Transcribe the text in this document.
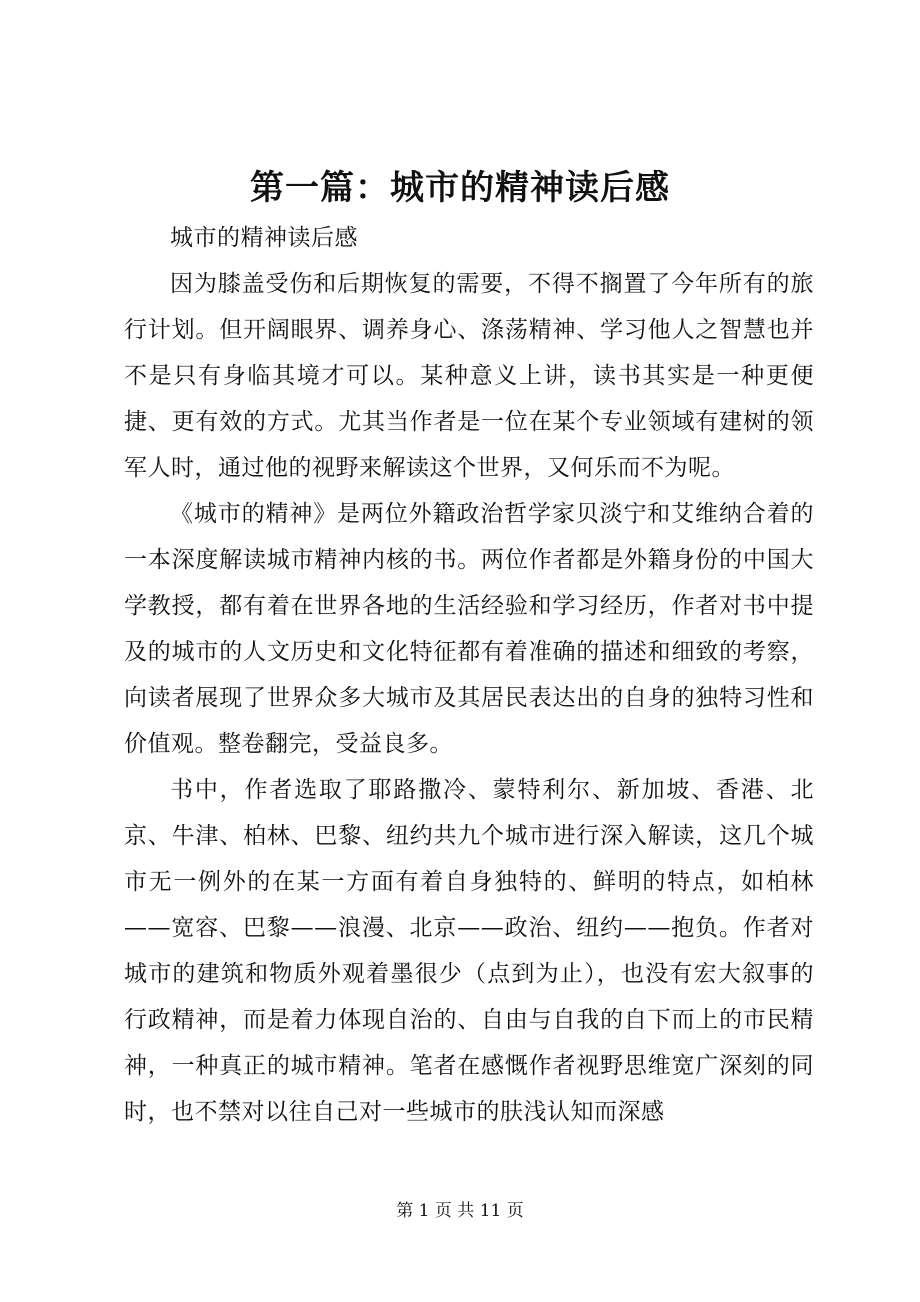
第一篇：城市的精神读后感

城市的精神读后感

因为膝盖受伤和后期恢复的需要，不得不搁置了今年所有的旅行计划。但开阔眼界、调养身心、涤荡精神、学习他人之智慧也并不是只有身临其境才可以。某种意义上讲，读书其实是一种更便捷、更有效的方式。尤其当作者是一位在某个专业领域有建树的领军人时，通过他的视野来解读这个世界，又何乐而不为呢。

《城市的精神》是两位外籍政治哲学家贝淡宁和艾维纳合着的一本深度解读城市精神内核的书。两位作者都是外籍身份的中国大学教授，都有着在世界各地的生活经验和学习经历，作者对书中提及的城市的人文历史和文化特征都有着准确的描述和细致的考察，向读者展现了世界众多大城市及其居民表达出的自身的独特习性和价值观。整卷翻完，受益良多。

书中，作者选取了耶路撒冷、蒙特利尔、新加坡、香港、北京、牛津、柏林、巴黎、纽约共九个城市进行深入解读，这几个城市无一例外的在某一方面有着自身独特的、鲜明的特点，如柏林——宽容、巴黎——浪漫、北京——政治、纽约——抱负。作者对城市的建筑和物质外观着墨很少（点到为止），也没有宏大叙事的行政精神，而是着力体现自治的、自由与自我的自下而上的市民精神，一种真正的城市精神。笔者在感慨作者视野思维宽广深刻的同时，也不禁对以往自己对一些城市的肤浅认知而深感

第 1 页 共 11 页
